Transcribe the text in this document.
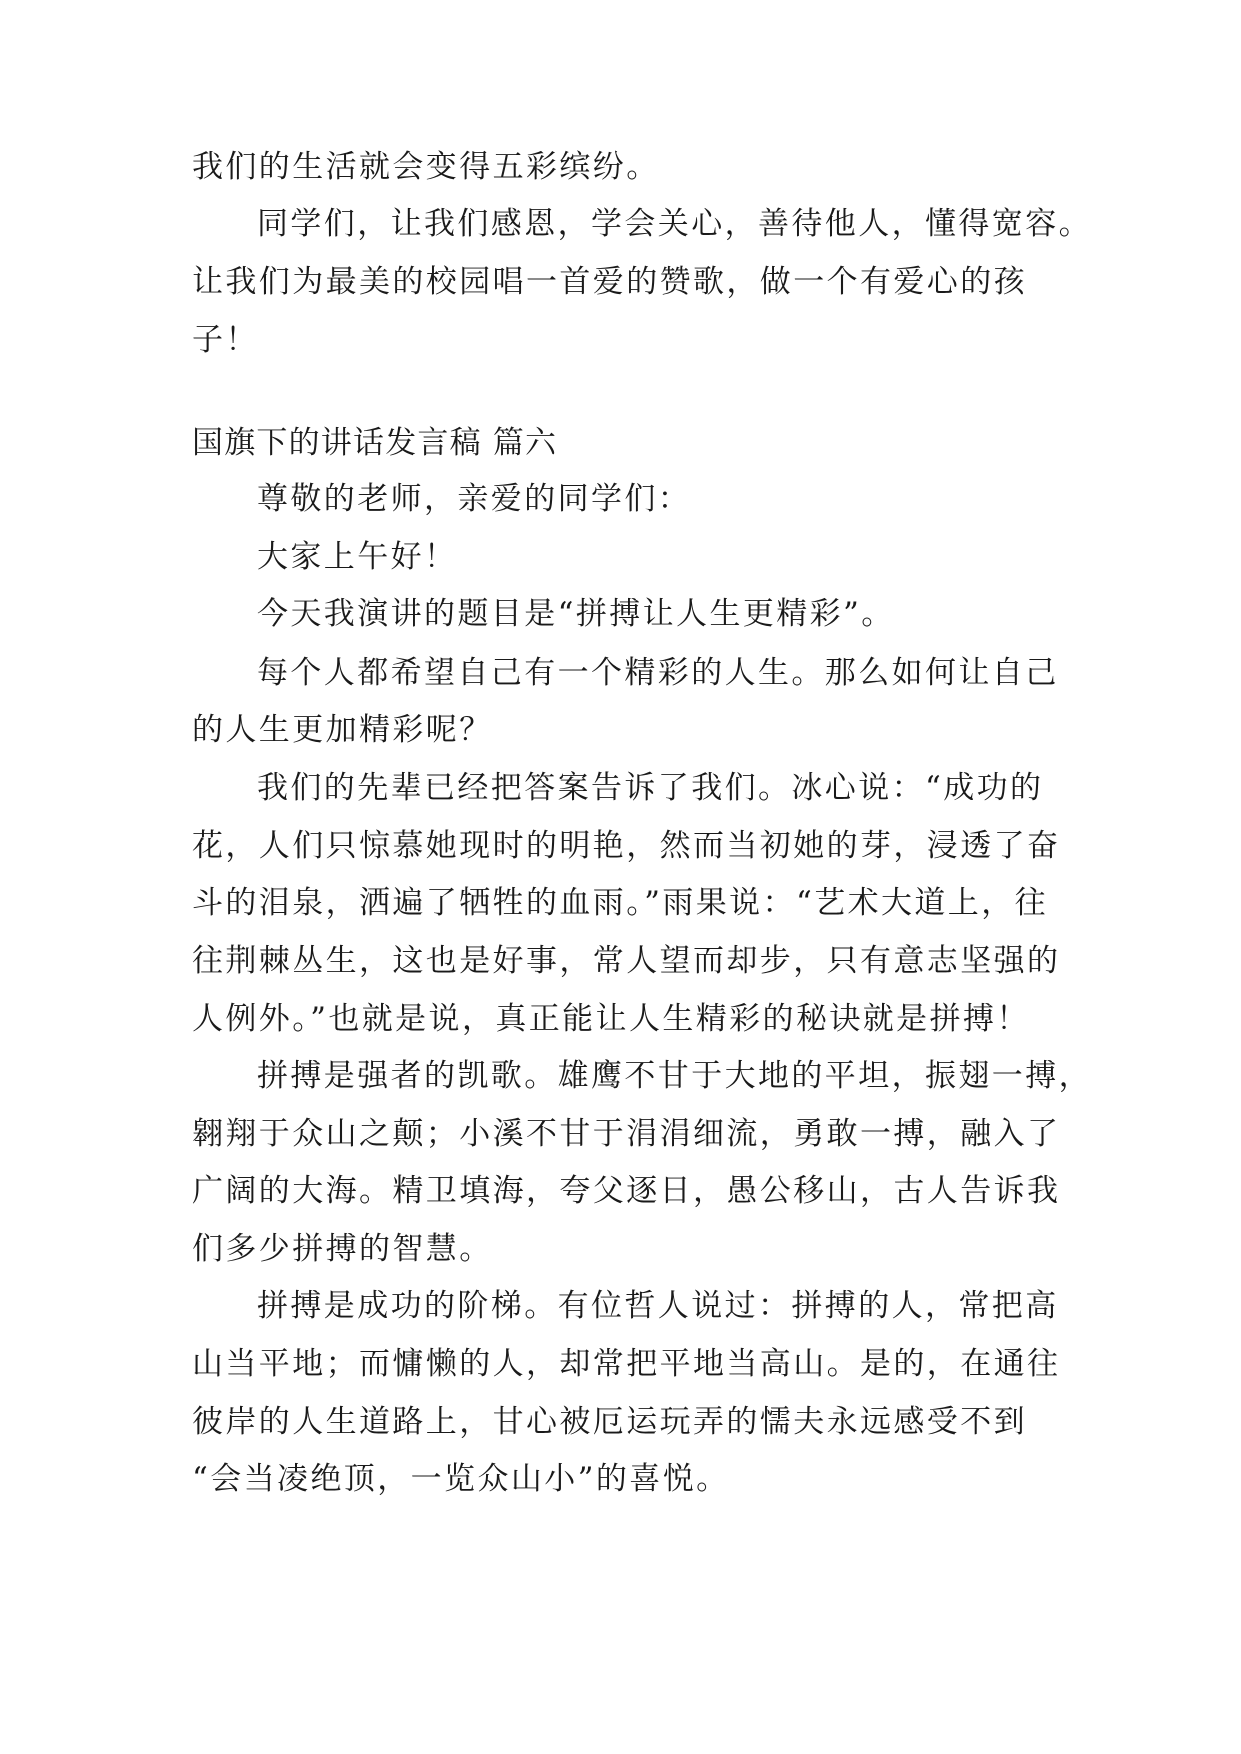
我们的生活就会变得五彩缤纷。
同学们，让我们感恩，学会关心，善待他人，懂得宽容。
让我们为最美的校园唱一首爱的赞歌，做一个有爱心的孩
子！
国旗下的讲话发言稿 篇六
尊敬的老师，亲爱的同学们：
大家上午好！
今天我演讲的题目是“拼搏让人生更精彩”。
每个人都希望自己有一个精彩的人生。那么如何让自己
的人生更加精彩呢？
我们的先辈已经把答案告诉了我们。冰心说：“成功的
花，人们只惊慕她现时的明艳，然而当初她的芽，浸透了奋
斗的泪泉，洒遍了牺牲的血雨。”雨果说：“艺术大道上，往
往荆棘丛生，这也是好事，常人望而却步，只有意志坚强的
人例外。”也就是说，真正能让人生精彩的秘诀就是拼搏！
拼搏是强者的凯歌。雄鹰不甘于大地的平坦，振翅一搏，
翱翔于众山之颠；小溪不甘于涓涓细流，勇敢一搏，融入了
广阔的大海。精卫填海，夸父逐日，愚公移山，古人告诉我
们多少拼搏的智慧。
拼搏是成功的阶梯。有位哲人说过：拼搏的人，常把高
山当平地；而慵懒的人，却常把平地当高山。是的，在通往
彼岸的人生道路上，甘心被厄运玩弄的懦夫永远感受不到
“会当凌绝顶，一览众山小”的喜悦。
